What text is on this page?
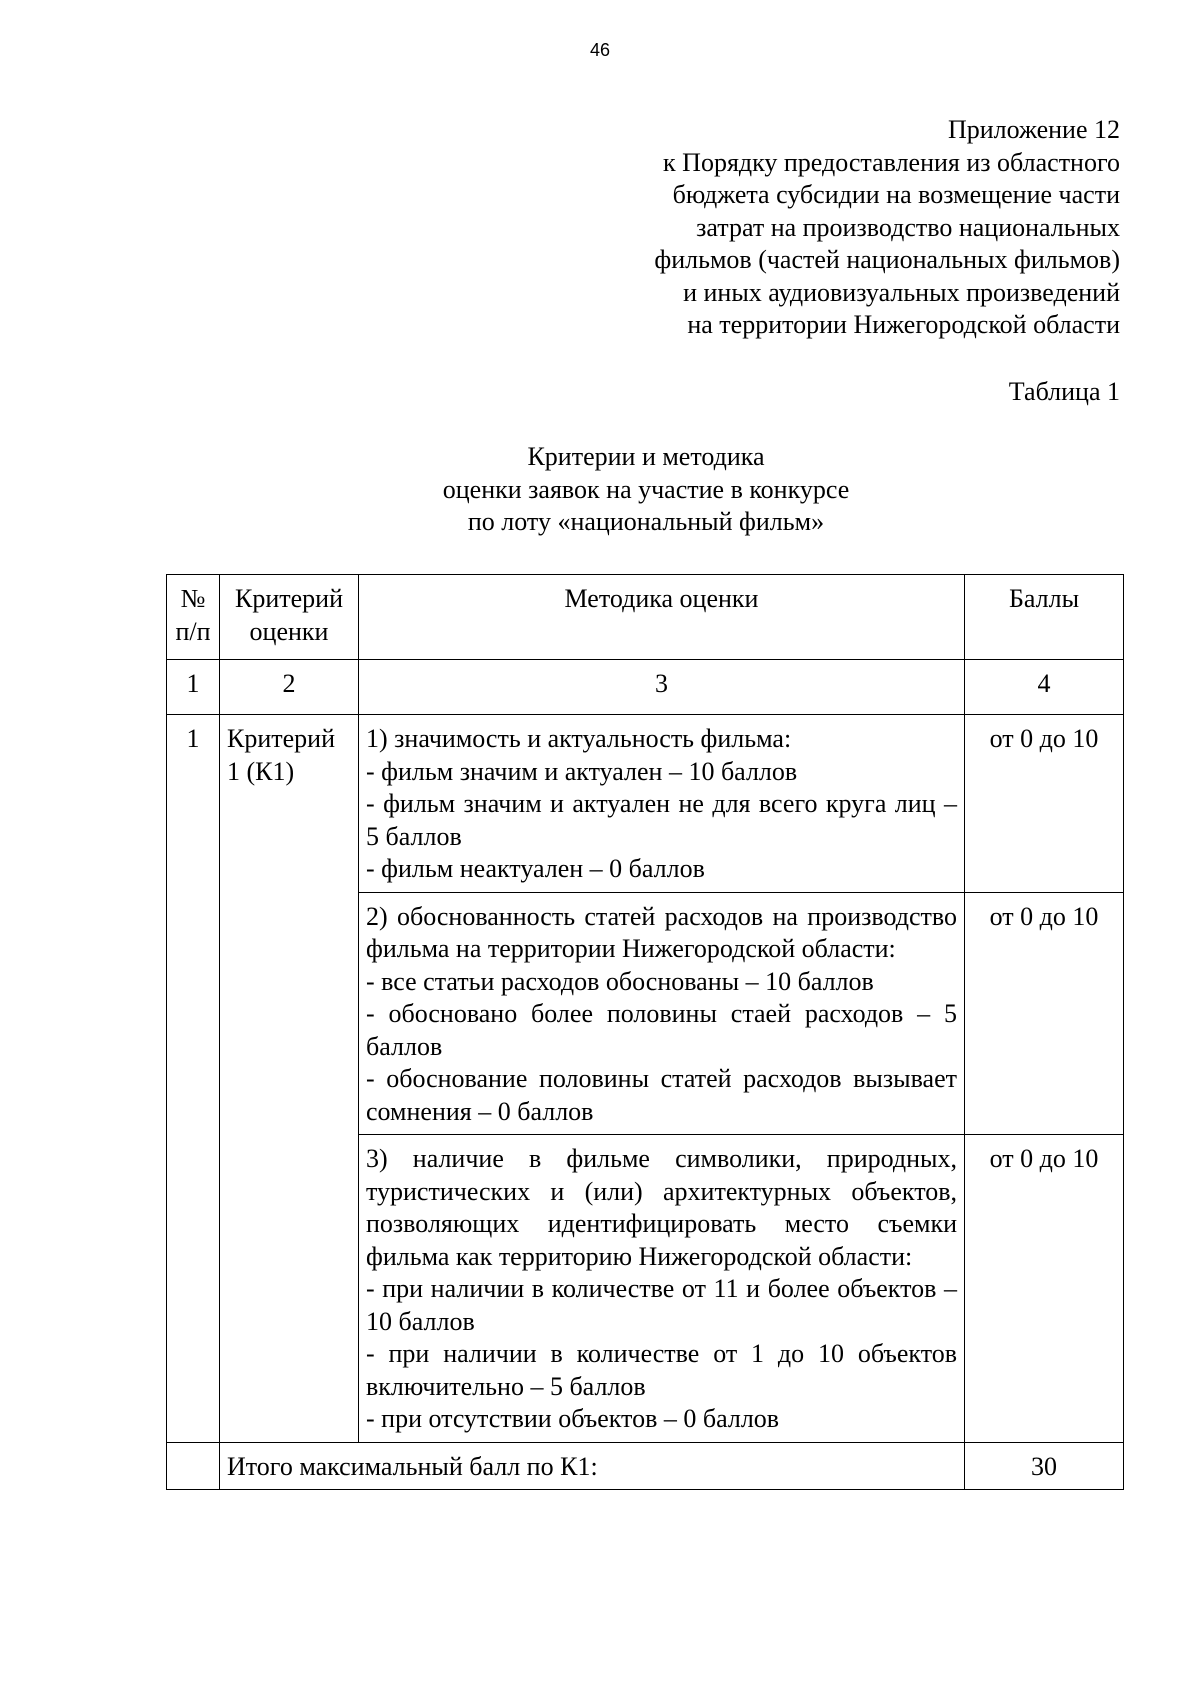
46
Приложение 12
к Порядку предоставления из областного
бюджета субсидии на возмещение части
затрат на производство национальных
фильмов (частей национальных фильмов)
и иных аудиовизуальных произведений
на территории Нижегородской области
Таблица 1
Критерии и методика
оценки заявок на участие в конкурсе
по лоту «национальный фильм»
№ п/п	Критерий оценки	Методика оценки	Баллы
1	2	3	4
1	Критерий 1 (К1)	1) значимость и актуальность фильма:
- фильм значим и актуален – 10 баллов
- фильм значим и актуален не для всего круга лиц – 5 баллов
- фильм неактуален – 0 баллов	от 0 до 10

		2) обоснованность статей расходов на производство фильма на территории Нижегородской области:
- все статьи расходов обоснованы – 10 баллов
- обосновано более половины стаей расходов – 5 баллов
- обоснование половины статей расходов вызывает сомнения – 0 баллов	от 0 до 10

		3) наличие в фильме символики, природных, туристических и (или) архитектурных объектов, позволяющих идентифицировать место съемки фильма как территорию Нижегородской области:
- при наличии в количестве от 11 и более объектов – 10 баллов
- при наличии в количестве от 1 до 10 объектов включительно – 5 баллов
- при отсутствии объектов – 0 баллов	от 0 до 10
	Итого максимальный балл по К1:		30
